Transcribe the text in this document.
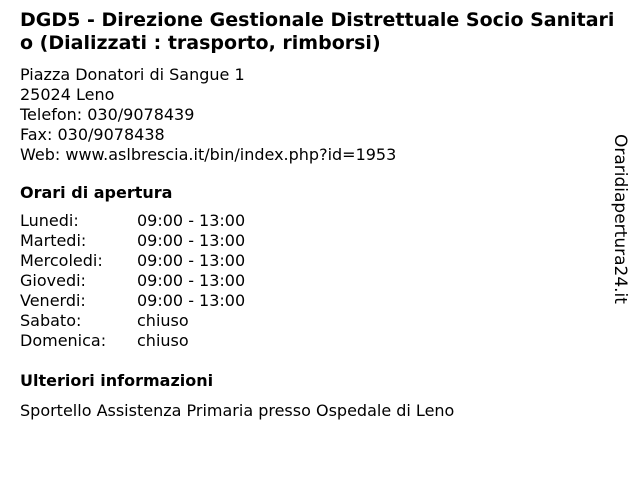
DGD5 - Direzione Gestionale Distrettuale Socio Sanitario (Dializzati : trasporto, rimborsi)
Piazza Donatori di Sangue 1
25024 Leno
Telefon: 030/9078439
Fax: 030/9078438
Web: www.aslbrescia.it/bin/index.php?id=1953
Orari di apertura
Lunedi:	09:00 - 13:00
Martedi:	09:00 - 13:00
Mercoledi:	09:00 - 13:00
Giovedi:	09:00 - 13:00
Venerdi:	09:00 - 13:00
Sabato:	chiuso
Domenica:	chiuso
Ulteriori informazioni
Sportello Assistenza Primaria presso Ospedale di Leno
Oraridiapertura24.it
